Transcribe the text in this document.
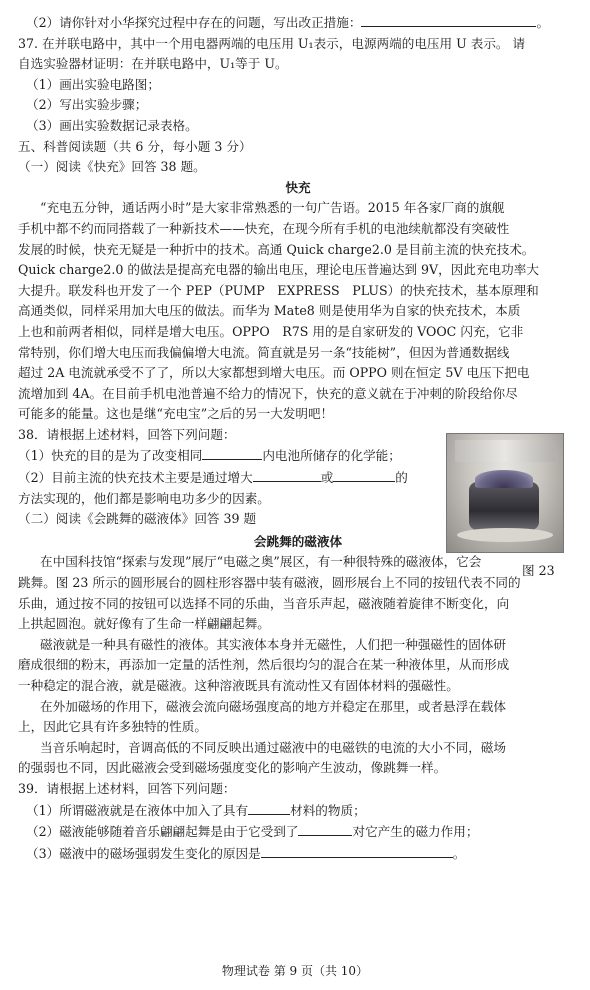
（2）请你针对小华探究过程中存在的问题，写出改正措施：	。
37. 在并联电路中，其中一个用电器两端的电压用 U₁表示，电源两端的电压用 U 表示。 请
自选实验器材证明：在并联电路中，U₁等于 U。
（1）画出实验电路图；
（2）写出实验步骤；
（3）画出实验数据记录表格。
五、科普阅读题（共 6 分，每小题 3 分）
（一）阅读《快充》回答 38 题。
快充
“充电五分钟，通话两小时”是大家非常熟悉的一句广告语。2015 年各家厂商的旗舰
手机中都不约而同搭载了一种新技术——快充，在现今所有手机的电池续航都没有突破性
发展的时候，快充无疑是一种折中的技术。高通 Quick charge2.0 是目前主流的快充技术。
Quick charge2.0 的做法是提高充电器的输出电压，理论电压普遍达到 9V，因此充电功率大
大提升。联发科也开发了一个 PEP（PUMP　EXPRESS　PLUS）的快充技术，基本原理和
高通类似，同样采用加大电压的做法。而华为 Mate8 则是使用华为自家的快充技术，本质
上也和前两者相似，同样是增大电压。OPPO　R7S 用的是自家研发的 VOOC 闪充，它非
常特别，你们增大电压而我偏偏增大电流。简直就是另一条“技能树”，但因为普通数据线
超过 2A 电流就承受不了了，所以大家都想到增大电压。而 OPPO 则在恒定 5V 电压下把电
流增加到 4A。在目前手机电池普遍不给力的情况下，快充的意义就在于冲刺的阶段给你尽
可能多的能量。这也是继“充电宝”之后的另一大发明吧！
38．请根据上述材料，回答下列问题：
（1）快充的目的是为了改变相同	内电池所储存的化学能；
（2）目前主流的快充技术主要是通过增大	或	的
方法实现的，他们都是影响电功多少的因素。
（二）阅读《会跳舞的磁液体》回答 39 题
会跳舞的磁液体
在中国科技馆“探索与发现”展厅“电磁之奥”展区，有一种很特殊的磁液体，它会
跳舞。图 23 所示的圆形展台的圆柱形容器中装有磁液，圆形展台上不同的按钮代表不同的
乐曲，通过按不同的按钮可以选择不同的乐曲，当音乐声起，磁液随着旋律不断变化，向
上拱起圆泡。就好像有了生命一样翩翩起舞。
磁液就是一种具有磁性的液体。其实液体本身并无磁性，人们把一种强磁性的固体研
磨成很细的粉末，再添加一定量的活性剂，然后很均匀的混合在某一种液体里，从而形成
一种稳定的混合液，就是磁液。这种溶液既具有流动性又有固体材料的强磁性。
在外加磁场的作用下，磁液会流向磁场强度高的地方并稳定在那里，或者悬浮在载体
上，因此它具有许多独特的性质。
当音乐响起时，音调高低的不同反映出通过磁液中的电磁铁的电流的大小不同，磁场
的强弱也不同，因此磁液会受到磁场强度变化的影响产生波动，像跳舞一样。
39．请根据上述材料，回答下列问题：
（1）所谓磁液就是在液体中加入了具有	材料的物质；
（2）磁液能够随着音乐翩翩起舞是由于它受到了	对它产生的磁力作用；
（3）磁液中的磁场强弱发生变化的原因是	。
图 23
物理试卷 第 9 页（共 10）
